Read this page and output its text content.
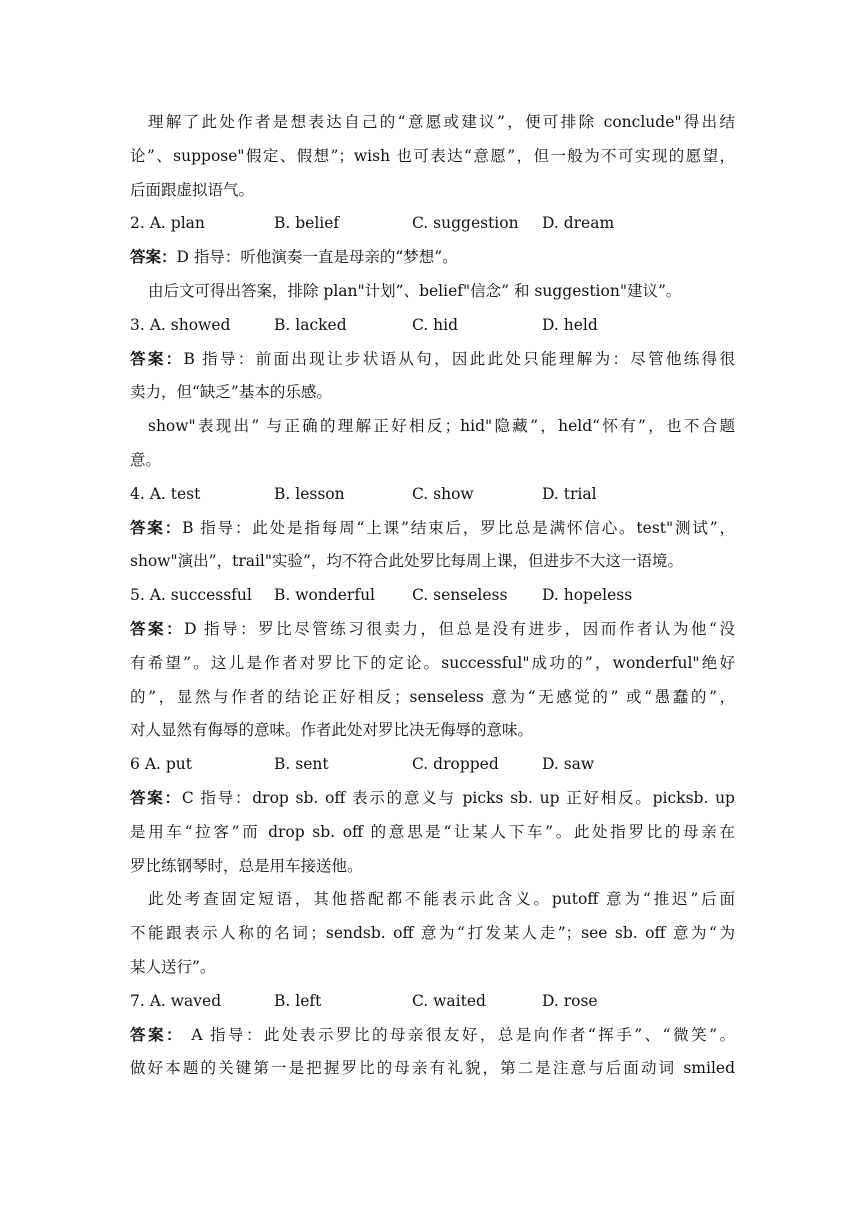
理解了此处作者是想表达自己的“意愿或建议”，便可排除 conclude"得出结
论”、suppose"假定、假想”；wish 也可表达“意愿”，但一般为不可实现的愿望，
后面跟虚拟语气。
2. A. plan	B. belief	C. suggestion	D. dream
答案：D 指导：听他演奏一直是母亲的“梦想”。
由后文可得出答案，排除 plan"计划”、belief"信念” 和 suggestion"建议”。
3. A. showed	B. lacked	C. hid	D. held
答案：B 指导：前面出现让步状语从句，因此此处只能理解为：尽管他练得很
卖力，但“缺乏”基本的乐感。
show"表现出” 与正确的理解正好相反；hid"隐藏”，held“怀有”，也不合题
意。
4. A. test	B. lesson	C. show	D. trial
答案：B 指导：此处是指每周“上课”结束后，罗比总是满怀信心。test"测试”，
show"演出”，trail"实验”，均不符合此处罗比每周上课，但进步不大这一语境。
5. A. successful	B. wonderful	C. senseless	D. hopeless
答案：D 指导：罗比尽管练习很卖力，但总是没有进步，因而作者认为他“没
有希望”。这儿是作者对罗比下的定论。successful"成功的”，wonderful"绝好
的”，显然与作者的结论正好相反；senseless 意为“无感觉的” 或“愚蠢的”，
对人显然有侮辱的意味。作者此处对罗比决无侮辱的意味。
6 A. put	B. sent	C. dropped	D. saw
答案：C 指导：drop sb. off 表示的意义与 picks sb. up 正好相反。picksb. up
是用车“拉客”而 drop sb. off 的意思是“让某人下车”。此处指罗比的母亲在
罗比练钢琴时，总是用车接送他。
此处考查固定短语，其他搭配都不能表示此含义。putoff 意为“推迟”后面
不能跟表示人称的名词；sendsb. off 意为“打发某人走”；see sb. off 意为“为
某人送行”。
7. A. waved	B. left	C. waited	D. rose
答案： A 指导：此处表示罗比的母亲很友好，总是向作者“挥手”、“微笑”。
做好本题的关键第一是把握罗比的母亲有礼貌，第二是注意与后面动词 smiled
